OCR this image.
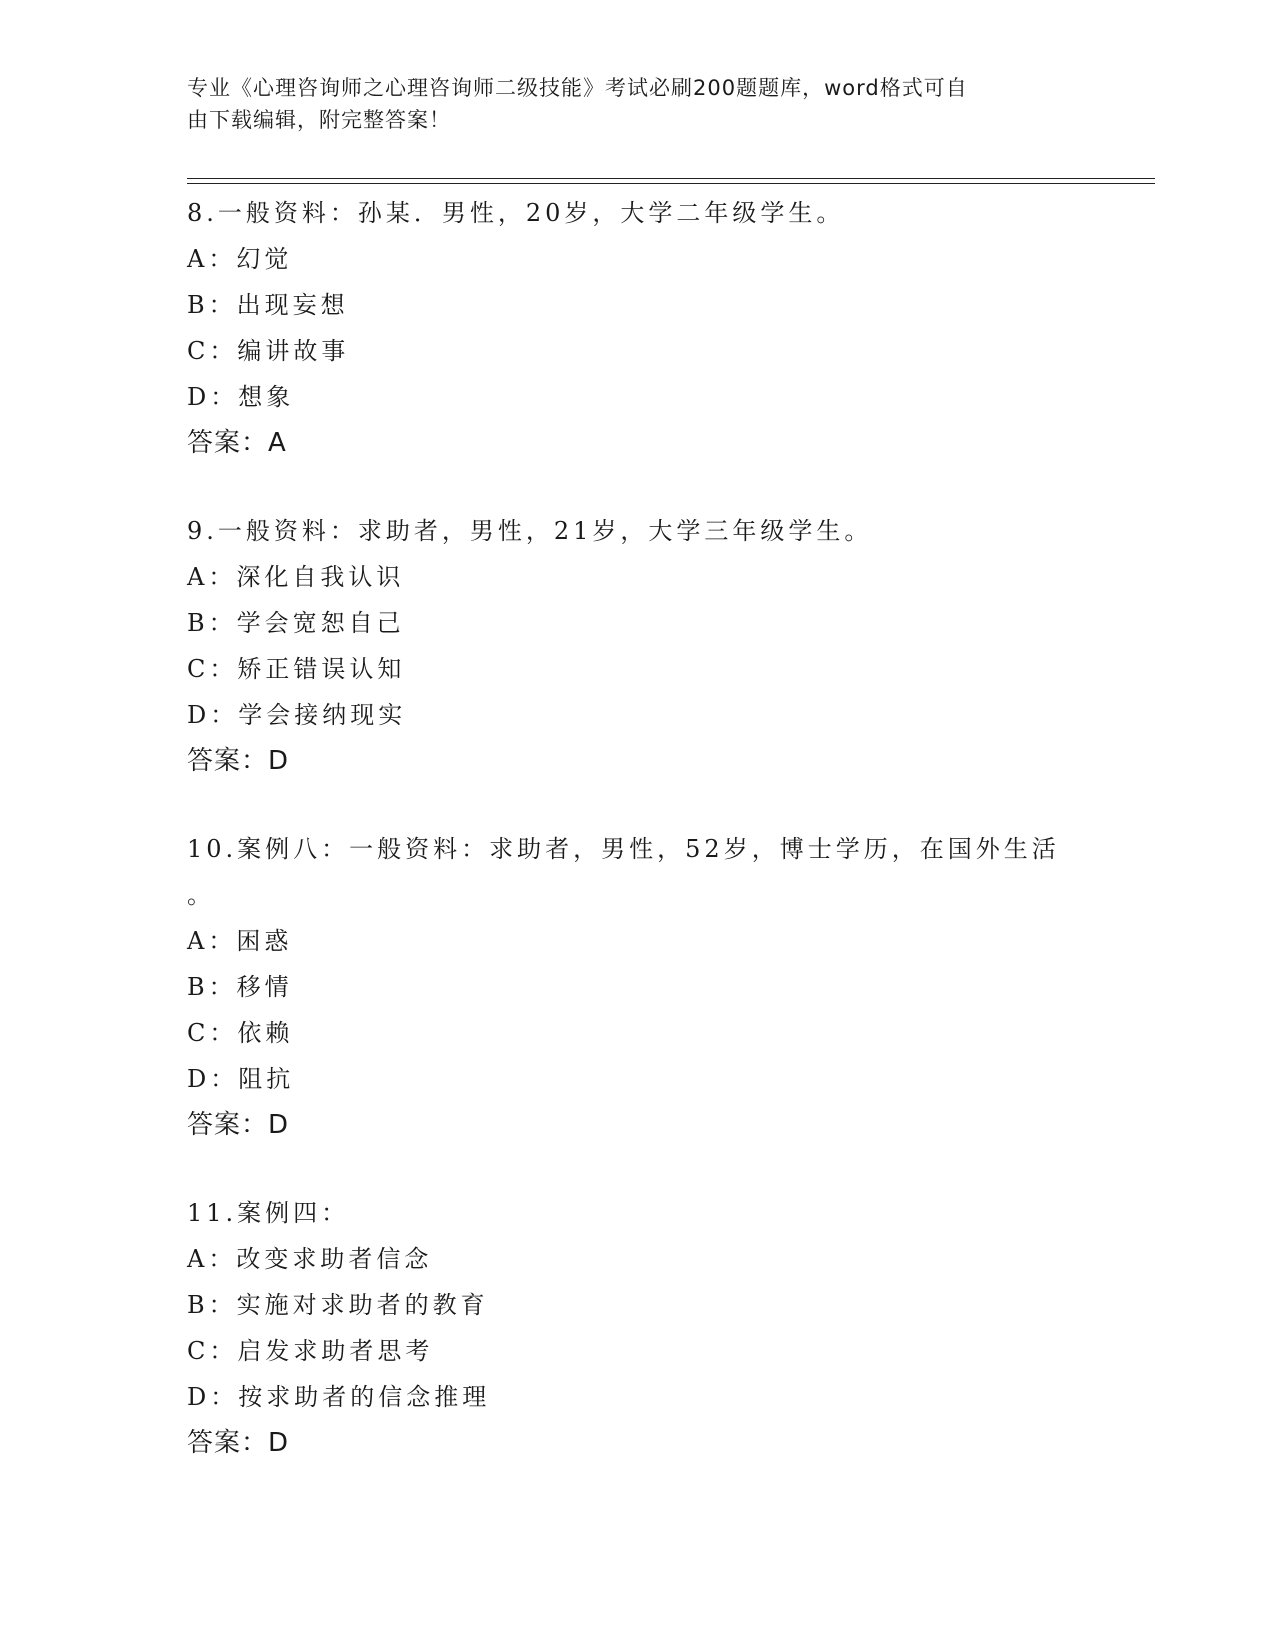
专业《心理咨询师之心理咨询师二级技能》考试必刷200题题库，word格式可自
由下载编辑，附完整答案！
8.一般资料：孙某．男性，20岁，大学二年级学生。
A：幻觉
B：出现妄想
C：编讲故事
D：想象
答案：A
9.一般资料：求助者，男性，21岁，大学三年级学生。
A：深化自我认识
B：学会宽恕自己
C：矫正错误认知
D：学会接纳现实
答案：D
10.案例八：一般资料：求助者，男性，52岁，博士学历，在国外生活
。
A：困惑
B：移情
C：依赖
D：阻抗
答案：D
11.案例四：
A：改变求助者信念
B：实施对求助者的教育
C：启发求助者思考
D：按求助者的信念推理
答案：D
